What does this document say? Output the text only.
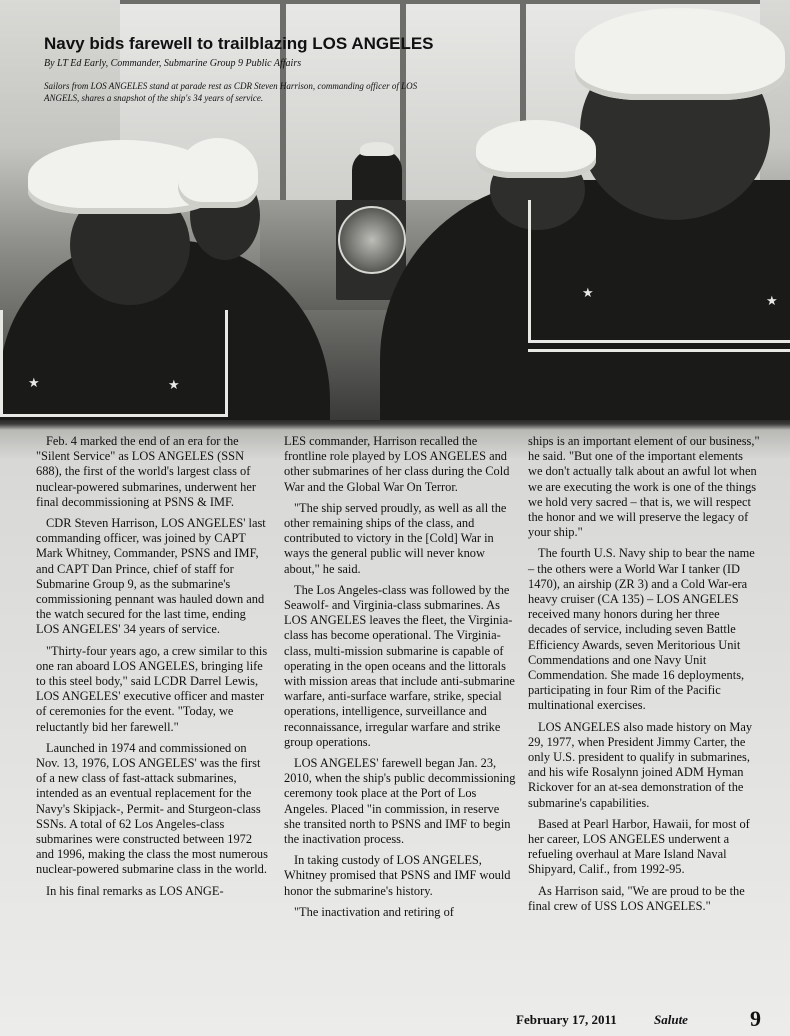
★	★
★
★
Navy bids farewell to trailblazing LOS ANGELES

By LT Ed Early, Commander, Submarine Group 9 Public Affairs

Sailors from LOS ANGELES stand at parade rest as CDR Steven Harrison, commanding officer of LOS ANGELS, shares a snapshot of the ship's 34 years of service.

Feb. 4 marked the end of an era for the "Silent Service" as LOS ANGELES (SSN 688), the first of the world's largest class of nuclear-powered submarines, underwent her final decommissioning at PSNS & IMF.

CDR Steven Harrison, LOS ANGELES' last commanding officer, was joined by CAPT Mark Whitney, Commander, PSNS and IMF, and CAPT Dan Prince, chief of staff for Submarine Group 9, as the submarine's commissioning pennant was hauled down and the watch secured for the last time, ending LOS ANGELES' 34 years of service.

"Thirty-four years ago, a crew similar to this one ran aboard LOS ANGELES, bringing life to this steel body," said LCDR Darrel Lewis, LOS ANGELES' executive officer and master of ceremonies for the event. "Today, we reluctantly bid her farewell."

Launched in 1974 and commissioned on Nov. 13, 1976, LOS ANGELES' was the first of a new class of fast-attack submarines, intended as an eventual replacement for the Navy's Skipjack-, Permit- and Sturgeon-class SSNs. A total of 62 Los Angeles-class submarines were constructed between 1972 and 1996, making the class the most numerous nuclear-powered submarine class in the world.

In his final remarks as LOS ANGE-

LES commander, Harrison recalled the frontline role played by LOS ANGELES and other submarines of her class during the Cold War and the Global War On Terror.

"The ship served proudly, as well as all the other remaining ships of the class, and contributed to victory in the [Cold] War in ways the general public will never know about," he said.

The Los Angeles-class was followed by the Seawolf- and Virginia-class submarines. As LOS ANGELES leaves the fleet, the Virginia-class has become operational. The Virginia-class, multi-mission submarine is capable of operating in the open oceans and the littorals with mission areas that include anti-submarine warfare, anti-surface warfare, strike, special operations, intelligence, surveillance and reconnaissance, irregular warfare and strike group operations.

LOS ANGELES' farewell began Jan. 23, 2010, when the ship's public decommissioning ceremony took place at the Port of Los Angeles. Placed "in commission, in reserve she transited north to PSNS and IMF to begin the inactivation process.

In taking custody of LOS ANGELES, Whitney promised that PSNS and IMF would honor the submarine's history.

"The inactivation and retiring of

ships is an important element of our business," he said. "But one of the important elements we don't actually talk about an awful lot when we are executing the work is one of the things we hold very sacred – that is, we will respect the honor and we will preserve the legacy of your ship."

The fourth U.S. Navy ship to bear the name – the others were a World War I tanker (ID 1470), an airship (ZR 3) and a Cold War-era heavy cruiser (CA 135) – LOS ANGELES received many honors during her three decades of service, including seven Battle Efficiency Awards, seven Meritorious Unit Commendations and one Navy Unit Commendation. She made 16 deployments, participating in four Rim of the Pacific multinational exercises.

LOS ANGELES also made history on May 29, 1977, when President Jimmy Carter, the only U.S. president to qualify in submarines, and his wife Rosalynn joined ADM Hyman Rickover for an at-sea demonstration of the submarine's capabilities.

Based at Pearl Harbor, Hawaii, for most of her career, LOS ANGELES underwent a refueling overhaul at Mare Island Naval Shipyard, Calif., from 1992-95.

As Harrison said, "We are proud to be the final crew of USS LOS ANGELES."

February 17, 2011	Salute	9
